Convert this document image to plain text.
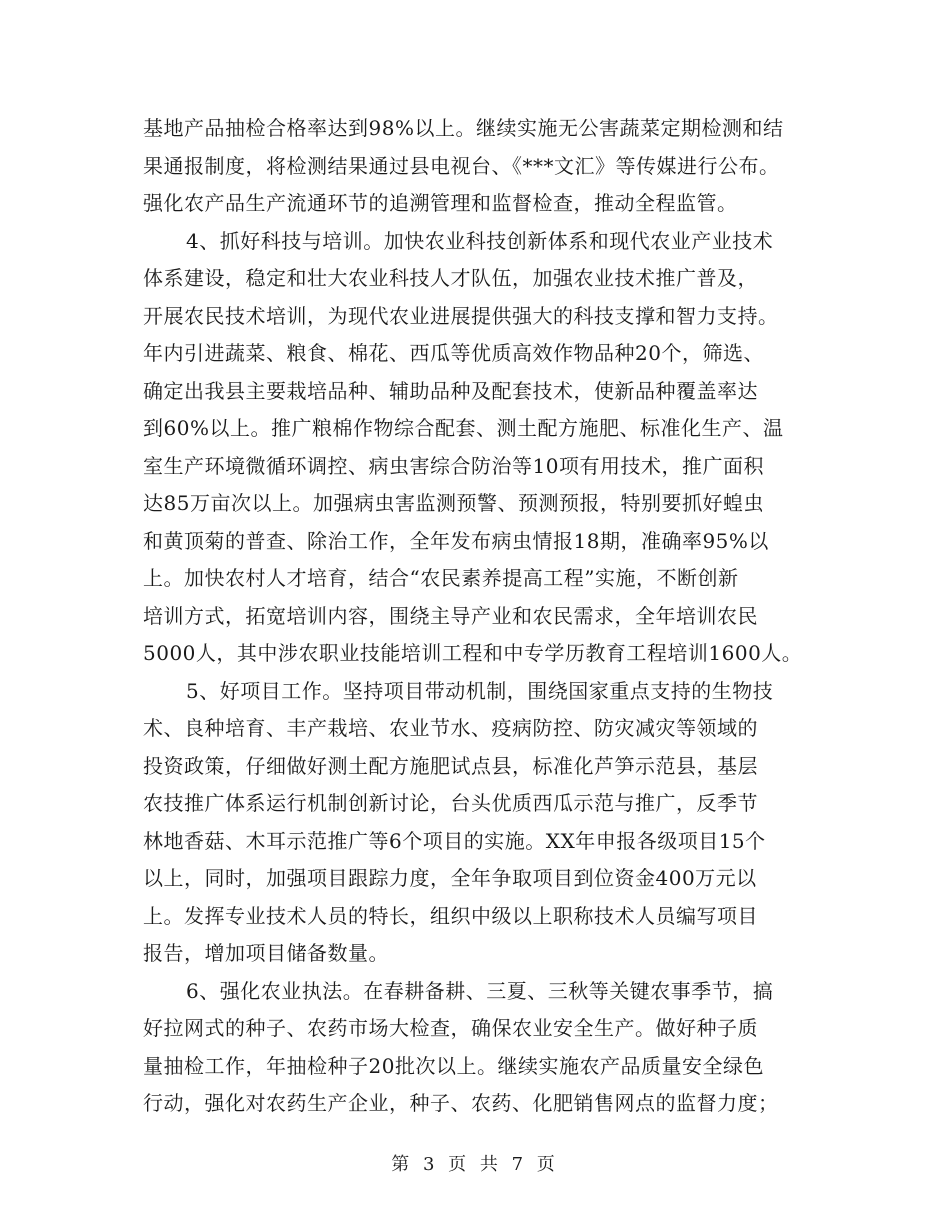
基地产品抽检合格率达到98%以上。继续实施无公害蔬菜定期检测和结
果通报制度，将检测结果通过县电视台、《***文汇》等传媒进行公布。
强化农产品生产流通环节的追溯管理和监督检查，推动全程监管。
4、抓好科技与培训。加快农业科技创新体系和现代农业产业技术
体系建设，稳定和壮大农业科技人才队伍，加强农业技术推广普及，
开展农民技术培训，为现代农业进展提供强大的科技支撑和智力支持。
年内引进蔬菜、粮食、棉花、西瓜等优质高效作物品种20个，筛选、
确定出我县主要栽培品种、辅助品种及配套技术，使新品种覆盖率达
到60%以上。推广粮棉作物综合配套、测土配方施肥、标准化生产、温
室生产环境微循环调控、病虫害综合防治等10项有用技术，推广面积
达85万亩次以上。加强病虫害监测预警、预测预报，特别要抓好蝗虫
和黄顶菊的普查、除治工作，全年发布病虫情报18期，准确率95%以
上。加快农村人才培育，结合“农民素养提高工程”实施，不断创新
培训方式，拓宽培训内容，围绕主导产业和农民需求，全年培训农民
5000人，其中涉农职业技能培训工程和中专学历教育工程培训1600人。
5、好项目工作。坚持项目带动机制，围绕国家重点支持的生物技
术、良种培育、丰产栽培、农业节水、疫病防控、防灾减灾等领域的
投资政策，仔细做好测土配方施肥试点县，标准化芦笋示范县，基层
农技推广体系运行机制创新讨论，台头优质西瓜示范与推广，反季节
林地香菇、木耳示范推广等6个项目的实施。XX年申报各级项目15个
以上，同时，加强项目跟踪力度，全年争取项目到位资金400万元以
上。发挥专业技术人员的特长，组织中级以上职称技术人员编写项目
报告，增加项目储备数量。
6、强化农业执法。在春耕备耕、三夏、三秋等关键农事季节，搞
好拉网式的种子、农药市场大检查，确保农业安全生产。做好种子质
量抽检工作，年抽检种子20批次以上。继续实施农产品质量安全绿色
行动，强化对农药生产企业，种子、农药、化肥销售网点的监督力度；
第 3 页 共 7 页
